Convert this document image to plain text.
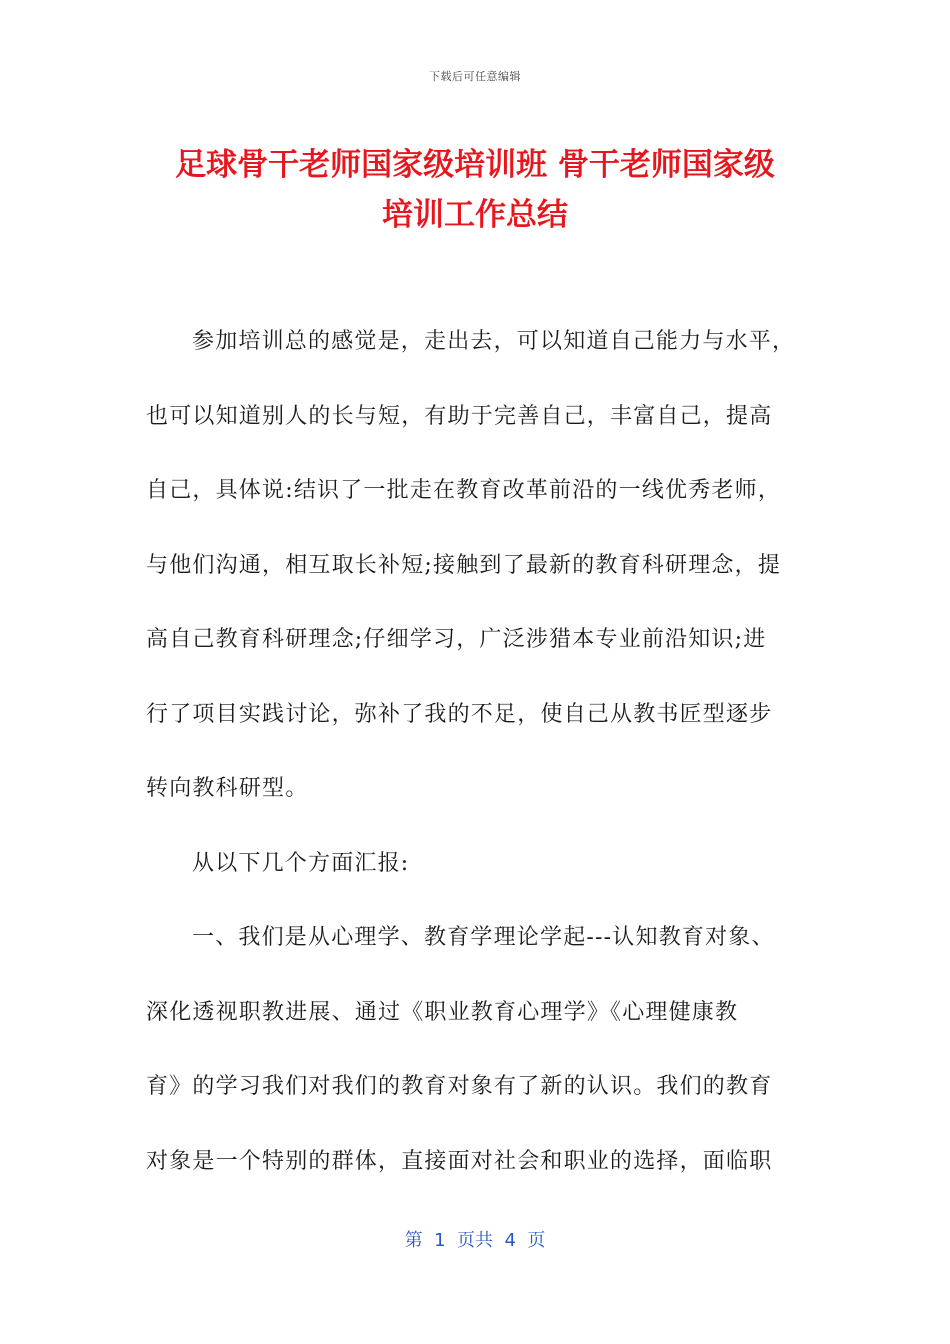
下载后可任意编辑
足球骨干老师国家级培训班 骨干老师国家级
培训工作总结
参加培训总的感觉是，走出去，可以知道自己能力与水平，
也可以知道别人的长与短，有助于完善自己，丰富自己，提高
自己，具体说:结识了一批走在教育改革前沿的一线优秀老师，
与他们沟通，相互取长补短;接触到了最新的教育科研理念，提
高自己教育科研理念;仔细学习，广泛涉猎本专业前沿知识;进
行了项目实践讨论，弥补了我的不足，使自己从教书匠型逐步
转向教科研型。
从以下几个方面汇报:
一、我们是从心理学、教育学理论学起---认知教育对象、
深化透视职教进展、通过《职业教育心理学》《心理健康教
育》的学习我们对我们的教育对象有了新的认识。我们的教育
对象是一个特别的群体，直接面对社会和职业的选择，面临职
第  1  页共  4  页
